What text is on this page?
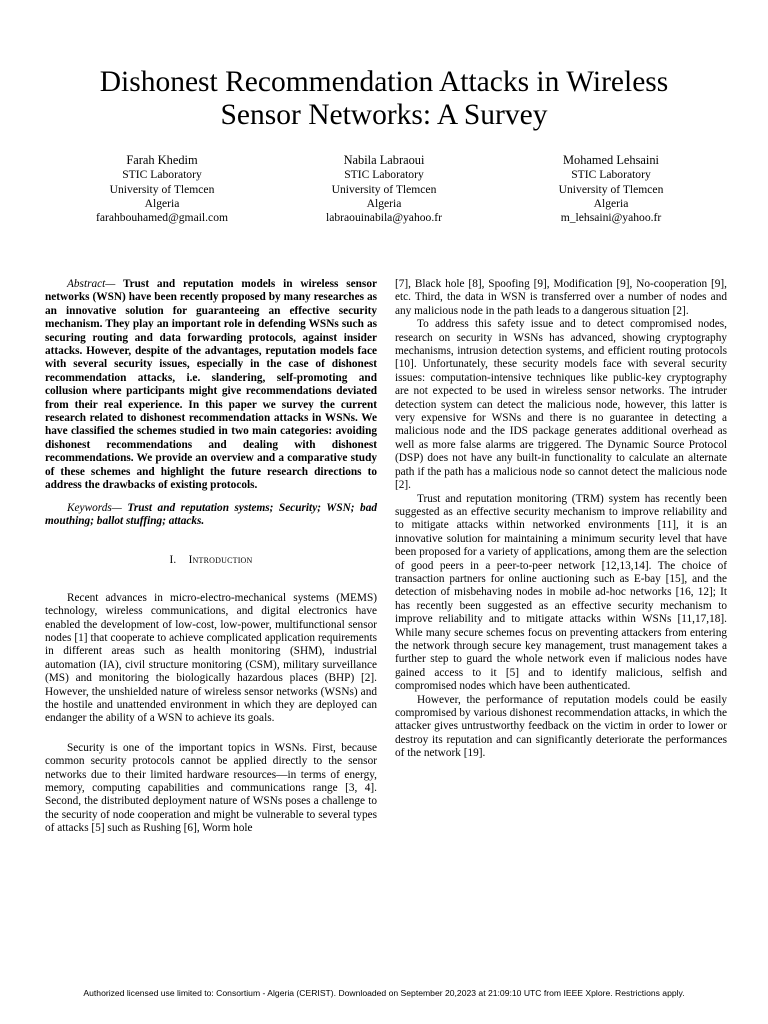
Dishonest Recommendation Attacks in Wireless
Sensor Networks: A Survey
Farah Khedim
STIC Laboratory
University of Tlemcen
Algeria
farahbouhamed@gmail.com
Nabila Labraoui
STIC Laboratory
University of Tlemcen
Algeria
labraouinabila@yahoo.fr
Mohamed Lehsaini
STIC Laboratory
University of Tlemcen
Algeria
m_lehsaini@yahoo.fr

Abstract— Trust and reputation models in wireless sensor networks (WSN) have been recently proposed by many researches as an innovative solution for guaranteeing an effective security mechanism. They play an important role in defending WSNs such as securing routing and data forwarding protocols, against insider attacks. However, despite of the advantages, reputation models face with several security issues, especially in the case of dishonest recommendation attacks, i.e. slandering, self-promoting and collusion where participants might give recommendations deviated from their real experience. In this paper we survey the current research related to dishonest recommendation attacks in WSNs. We have classified the schemes studied in two main categories: avoiding dishonest recommendations and dealing with dishonest recommendations. We provide an overview and a comparative study of these schemes and highlight the future research directions to address the drawbacks of existing protocols.

Keywords— Trust and reputation systems; Security; WSN; bad mouthing; ballot stuffing; attacks.

I. Introduction

Recent advances in micro-electro-mechanical systems (MEMS) technology, wireless communications, and digital electronics have enabled the development of low-cost, low-power, multifunctional sensor nodes [1] that cooperate to achieve complicated application requirements in different areas such as health monitoring (SHM), industrial automation (IA), civil structure monitoring (CSM), military surveillance (MS) and monitoring the biologically hazardous places (BHP) [2]. However, the unshielded nature of wireless sensor networks (WSNs) and the hostile and unattended environment in which they are deployed can endanger the ability of a WSN to achieve its goals.

Security is one of the important topics in WSNs. First, because common security protocols cannot be applied directly to the sensor networks due to their limited hardware resources—in terms of energy, memory, computing capabilities and communications range [3, 4]. Second, the distributed deployment nature of WSNs poses a challenge to the security of node cooperation and might be vulnerable to several types of attacks [5] such as Rushing [6], Worm hole

[7], Black hole [8], Spoofing [9], Modification [9], No-cooperation [9], etc. Third, the data in WSN is transferred over a number of nodes and any malicious node in the path leads to a dangerous situation [2].

To address this safety issue and to detect compromised nodes, research on security in WSNs has advanced, showing cryptography mechanisms, intrusion detection systems, and efficient routing protocols [10]. Unfortunately, these security models face with several security issues: computation-intensive techniques like public-key cryptography are not expected to be used in wireless sensor networks. The intruder detection system can detect the malicious node, however, this latter is very expensive for WSNs and there is no guarantee in detecting a malicious node and the IDS package generates additional overhead as well as more false alarms are triggered. The Dynamic Source Protocol (DSP) does not have any built-in functionality to calculate an alternate path if the path has a malicious node so cannot detect the malicious node [2].

Trust and reputation monitoring (TRM) system has recently been suggested as an effective security mechanism to improve reliability and to mitigate attacks within networked environments [11], it is an innovative solution for maintaining a minimum security level that have been proposed for a variety of applications, among them are the selection of good peers in a peer-to-peer network [12,13,14]. The choice of transaction partners for online auctioning such as E-bay [15], and the detection of misbehaving nodes in mobile ad-hoc networks [16, 12]; It has recently been suggested as an effective security mechanism to improve reliability and to mitigate attacks within WSNs [11,17,18]. While many secure schemes focus on preventing attackers from entering the network through secure key management, trust management takes a further step to guard the whole network even if malicious nodes have gained access to it [5] and to identify malicious, selfish and compromised nodes which have been authenticated.

However, the performance of reputation models could be easily compromised by various dishonest recommendation attacks, in which the attacker gives untrustworthy feedback on the victim in order to lower or destroy its reputation and can significantly deteriorate the performances of the network [19].

Authorized licensed use limited to: Consortium - Algeria (CERIST). Downloaded on September 20,2023 at 21:09:10 UTC from IEEE Xplore. Restrictions apply.
